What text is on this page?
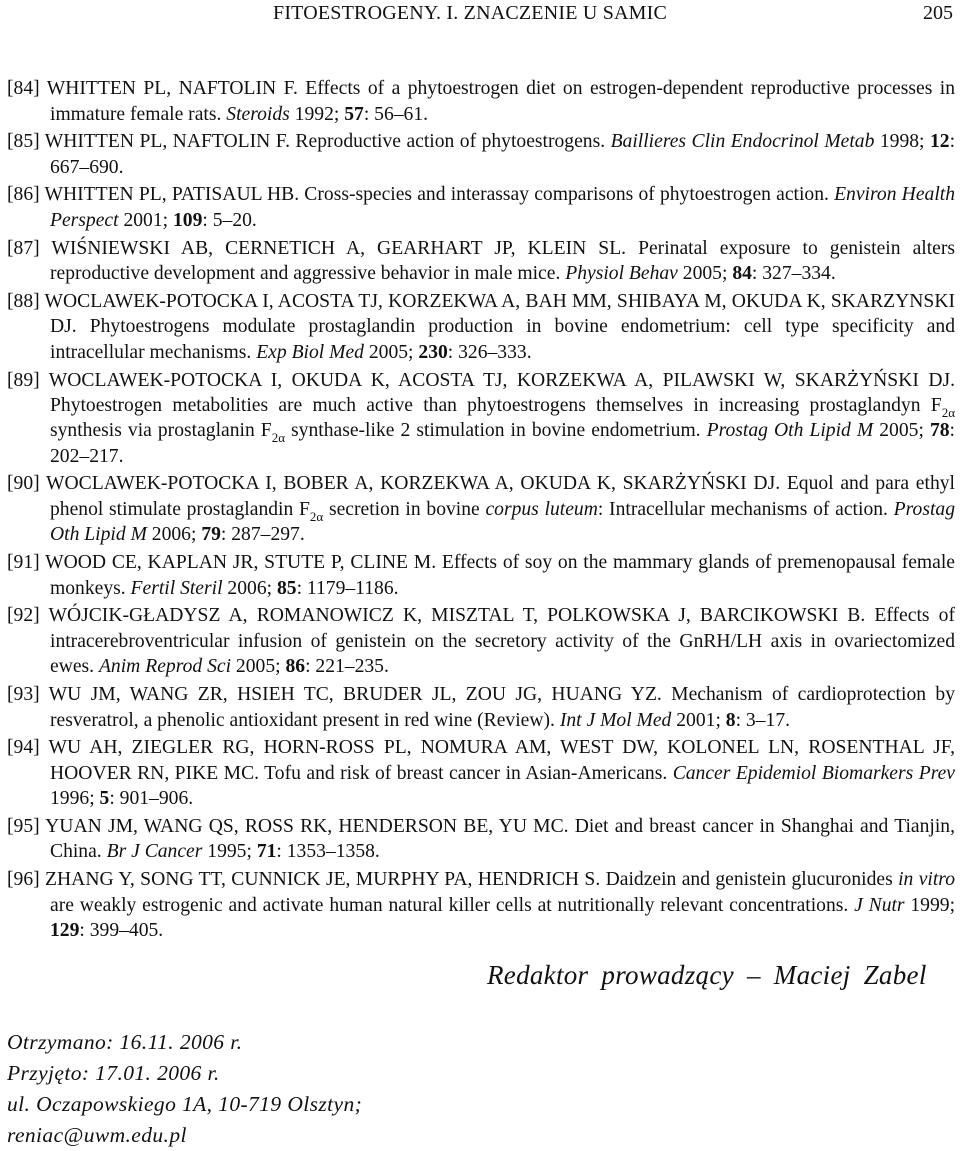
FITOESTROGENY. I. ZNACZENIE U SAMIC	205
[84] WHITTEN PL, NAFTOLIN F. Effects of a phytoestrogen diet on estrogen-dependent reproductive processes in immature female rats. Steroids 1992; 57: 56–61.
[85] WHITTEN PL, NAFTOLIN F. Reproductive action of phytoestrogens. Baillieres Clin Endocrinol Metab 1998; 12: 667–690.
[86] WHITTEN PL, PATISAUL HB. Cross-species and interassay comparisons of phytoestrogen action. Environ Health Perspect 2001; 109: 5–20.
[87] WIŚNIEWSKI AB, CERNETICH A, GEARHART JP, KLEIN SL. Perinatal exposure to genistein alters reproductive development and aggressive behavior in male mice. Physiol Behav 2005; 84: 327–334.
[88] WOCLAWEK-POTOCKA I, ACOSTA TJ, KORZEKWA A, BAH MM, SHIBAYA M, OKUDA K, SKARZYNSKI DJ. Phytoestrogens modulate prostaglandin production in bovine endometrium: cell type specificity and intracellular mechanisms. Exp Biol Med 2005; 230: 326–333.
[89] WOCLAWEK-POTOCKA I, OKUDA K, ACOSTA TJ, KORZEKWA A, PILAWSKI W, SKARŻYŃSKI DJ. Phytoestrogen metabolities are much active than phytoestrogens themselves in increasing prostaglandyn $F_{2\alpha}$ synthesis via prostaglanin $F_{2\alpha}$ synthase-like 2 stimulation in bovine endometrium. Prostag Oth Lipid M 2005; 78: 202–217.
[90] WOCLAWEK-POTOCKA I, BOBER A, KORZEKWA A, OKUDA K, SKARŻYŃSKI DJ. Equol and para ethyl phenol stimulate prostaglandin $F_{2\alpha}$ secretion in bovine corpus luteum: Intracellular mechanisms of action. Prostag Oth Lipid M 2006; 79: 287–297.
[91] WOOD CE, KAPLAN JR, STUTE P, CLINE M. Effects of soy on the mammary glands of premenopausal female monkeys. Fertil Steril 2006; 85: 1179–1186.
[92] WÓJCIK-GŁADYSZ A, ROMANOWICZ K, MISZTAL T, POLKOWSKA J, BARCIKOWSKI B. Effects of intracerebroventricular infusion of genistein on the secretory activity of the GnRH/LH axis in ovariectomized ewes. Anim Reprod Sci 2005; 86: 221–235.
[93] WU JM, WANG ZR, HSIEH TC, BRUDER JL, ZOU JG, HUANG YZ. Mechanism of cardioprotection by resveratrol, a phenolic antioxidant present in red wine (Review). Int J Mol Med 2001; 8: 3–17.
[94] WU AH, ZIEGLER RG, HORN-ROSS PL, NOMURA AM, WEST DW, KOLONEL LN, ROSENTHAL JF, HOOVER RN, PIKE MC. Tofu and risk of breast cancer in Asian-Americans. Cancer Epidemiol Biomarkers Prev 1996; 5: 901–906.
[95] YUAN JM, WANG QS, ROSS RK, HENDERSON BE, YU MC. Diet and breast cancer in Shanghai and Tianjin, China. Br J Cancer 1995; 71: 1353–1358.
[96] ZHANG Y, SONG TT, CUNNICK JE, MURPHY PA, HENDRICH S. Daidzein and genistein glucuronides in vitro are weakly estrogenic and activate human natural killer cells at nutritionally relevant concentrations. J Nutr 1999; 129: 399–405.
Redaktor prowadzący – Maciej Zabel
Otrzymano: 16.11. 2006 r.
Przyjęto: 17.01. 2006 r.
ul. Oczapowskiego 1A, 10-719 Olsztyn;
reniac@uwm.edu.pl
